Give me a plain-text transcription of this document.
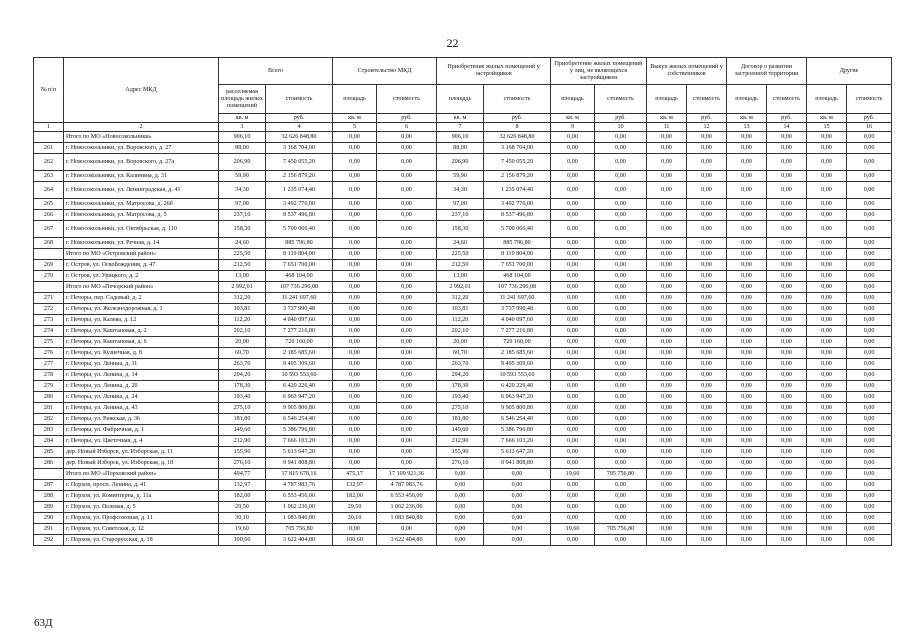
22
№ п/п	Адрес МКД	Всего		Строительство МКД		Приобретение жилых помещений у застройщиков		Приобретение жилых помещений у лиц, не являющихся застройщиком		Выкуп жилых помещений у собственников		Договор о развитии застроенной территории		Другие	
		расселяемая площадь жилых помещений	стоимость	площадь	стоимость	площадь	стоимость	площадь	стоимость	площадь	стоимость	площадь	стоимость	площадь	стоимость
		кв. м	руб.	кв. м	руб.	кв. м	руб.	кв. м	руб.	кв. м	руб.	кв. м	руб.	кв. м	руб.
1	2	3	4	5	6	7	8	9	10	11	12	13	14	15	16
	Итого по МО «Новосокольники»	906,10	32 626 848,80	0,00	0,00	906,10	32 626 848,80	0,00	0,00	0,00	0,00	0,00	0,00	0,00	0,00
261	г. Новосокольники, ул. Воровского, д. 27	88,00	3 168 704,00	0,00	0,00	88,00	3 168 704,00	0,00	0,00	0,00	0,00	0,00	0,00	0,00	0,00
262	г. Новосокольники, ул. Воровского, д. 27а	206,90	7 450 055,20	0,00	0,00	206,90	7 450 055,20	0,00	0,00	0,00	0,00	0,00	0,00	0,00	0,00
263	г. Новосокольники, ул. Калинина, д. 31	59,90	2 156 879,20	0,00	0,00	59,90	2 156 879,20	0,00	0,00	0,00	0,00	0,00	0,00	0,00	0,00
264	г. Новосокольники, ул. Ленинградская, д. 41	34,30	1 235 074,40	0,00	0,00	34,30	1 235 074,40	0,00	0,00	0,00	0,00	0,00	0,00	0,00	0,00
265	г. Новосокольники, ул. Матросова, д. 26б	97,00	3 492 776,00	0,00	0,00	97,00	3 492 776,00	0,00	0,00	0,00	0,00	0,00	0,00	0,00	0,00
266	г. Новосокольники, ул. Матросова, д. 5	237,10	8 537 496,80	0,00	0,00	237,10	8 537 496,80	0,00	0,00	0,00	0,00	0,00	0,00	0,00	0,00
267	г. Новосокольники, ул. Октябрьская, д. 110	158,30	5 700 066,40	0,00	0,00	158,30	5 700 066,40	0,00	0,00	0,00	0,00	0,00	0,00	0,00	0,00
268	г. Новосокольники, ул. Речная, д. 14	24,60	885 796,80	0,00	0,00	24,60	885 796,80	0,00	0,00	0,00	0,00	0,00	0,00	0,00	0,00
	Итого по МО «Островский район»	225,50	8 119 804,00	0,00	0,00	225,50	8 119 804,00	0,00	0,00	0,00	0,00	0,00	0,00	0,00	0,00
269	г. Остров, ул. Освобождения, д. 47	212,50	7 651 700,00	0,00	0,00	212,50	7 651 700,00	0,00	0,00	0,00	0,00	0,00	0,00	0,00	0,00
270	г. Остров, ул. Урицкого, д. 2	13,00	468 104,00	0,00	0,00	13,00	468 104,00	0,00	0,00	0,00	0,00	0,00	0,00	0,00	0,00
	Итого по МО «Печорский район»	2 992,01	107 736 296,08	0,00	0,00	2 992,01	107 736 296,08	0,00	0,00	0,00	0,00	0,00	0,00	0,00	0,00
271	г. Печоры, пер. Садовый, д. 2	312,20	11 241 697,60	0,00	0,00	312,20	11 241 697,60	0,00	0,00	0,00	0,00	0,00	0,00	0,00	0,00
272	г. Печоры, ул. Железнодорожная, д. 1	103,81	3 737 990,48	0,00	0,00	103,81	3 737 990,48	0,00	0,00	0,00	0,00	0,00	0,00	0,00	0,00
273	г. Печоры, ул. Калева, д. 12	112,20	4 040 097,60	0,00	0,00	112,20	4 040 097,60	0,00	0,00	0,00	0,00	0,00	0,00	0,00	0,00
274	г. Печоры, ул. Каштановая, д. 2	202,10	7 277 216,80	0,00	0,00	202,10	7 277 216,80	0,00	0,00	0,00	0,00	0,00	0,00	0,00	0,00
275	г. Печоры, ул. Каштановая, д. 6	20,00	720 160,00	0,00	0,00	20,00	720 160,00	0,00	0,00	0,00	0,00	0,00	0,00	0,00	0,00
276	г. Печоры, ул. Кузнечная, д. 8	60,70	2 185 685,60	0,00	0,00	60,70	2 185 685,60	0,00	0,00	0,00	0,00	0,00	0,00	0,00	0,00
277	г. Печоры, ул. Ленина, д. 11	263,70	9 495 309,60	0,00	0,00	263,70	9 495 309,60	0,00	0,00	0,00	0,00	0,00	0,00	0,00	0,00
278	г. Печоры, ул. Ленина, д. 14	294,20	10 593 553,60	0,00	0,00	294,20	10 593 553,60	0,00	0,00	0,00	0,00	0,00	0,00	0,00	0,00
279	г. Печоры, ул. Ленина, д. 20	178,30	6 420 226,40	0,00	0,00	178,30	6 420 226,40	0,00	0,00	0,00	0,00	0,00	0,00	0,00	0,00
280	г. Печоры, ул. Ленина, д. 24	193,40	6 963 947,20	0,00	0,00	193,40	6 963 947,20	0,00	0,00	0,00	0,00	0,00	0,00	0,00	0,00
281	г. Печоры, ул. Ленина, д. 43	275,10	9 905 800,80	0,00	0,00	275,10	9 905 800,80	0,00	0,00	0,00	0,00	0,00	0,00	0,00	0,00
282	г. Печоры, ул. Рижская, д. 36	181,80	6 546 254,40	0,00	0,00	181,80	6 546 254,40	0,00	0,00	0,00	0,00	0,00	0,00	0,00	0,00
283	г. Печоры, ул. Фабричная, д. 1	149,60	5 386 796,80	0,00	0,00	149,60	5 386 796,80	0,00	0,00	0,00	0,00	0,00	0,00	0,00	0,00
284	г. Печоры, ул. Цветочная, д. 4	212,90	7 666 103,20	0,00	0,00	212,90	7 666 103,20	0,00	0,00	0,00	0,00	0,00	0,00	0,00	0,00
285	дер. Новый Изборск, ул. Изборская, д. 11	155,90	5 613 647,20	0,00	0,00	155,90	5 613 647,20	0,00	0,00	0,00	0,00	0,00	0,00	0,00	0,00
286	дер. Новый Изборск, ул. Изборская, д. 18	276,10	9 941 808,80	0,00	0,00	276,10	9 941 808,80	0,00	0,00	0,00	0,00	0,00	0,00	0,00	0,00
	Итого по МО «Порховский район»	494,77	17 815 678,16	475,17	17 109 921,36	0,00	0,00	19,60	705 756,80	0,00	0,00	0,00	0,00	0,00	0,00
287	г. Порхов, просп. Ленина, д. 41	132,97	4 787 983,76	132,97	4 787 983,76	0,00	0,00	0,00	0,00	0,00	0,00	0,00	0,00	0,00	0,00
288	г. Порхов, ул. Коминтерна, д. 11а	182,00	6 553 456,00	182,00	6 553 456,00	0,00	0,00	0,00	0,00	0,00	0,00	0,00	0,00	0,00	0,00
289	г. Порхов, ул. Полевая, д. 5	29,50	1 062 236,00	29,50	1 062 236,00	0,00	0,00	0,00	0,00	0,00	0,00	0,00	0,00	0,00	0,00
290	г. Порхов, ул. Профсоюзная, д. 11	30,10	1 083 840,80	30,10	1 083 840,80	0,00	0,00	0,00	0,00	0,00	0,00	0,00	0,00	0,00	0,00
291	г. Порхов, ул. Советская, д. 12	19,60	705 756,80	0,00	0,00	0,00	0,00	19,60	705 756,80	0,00	0,00	0,00	0,00	0,00	0,00
292	г. Порхов, ул. Старорусская, д. 18	100,60	3 622 404,80	100,60	3 622 404,80	0,00	0,00	0,00	0,00	0,00	0,00	0,00	0,00	0,00	0,00
63Д
